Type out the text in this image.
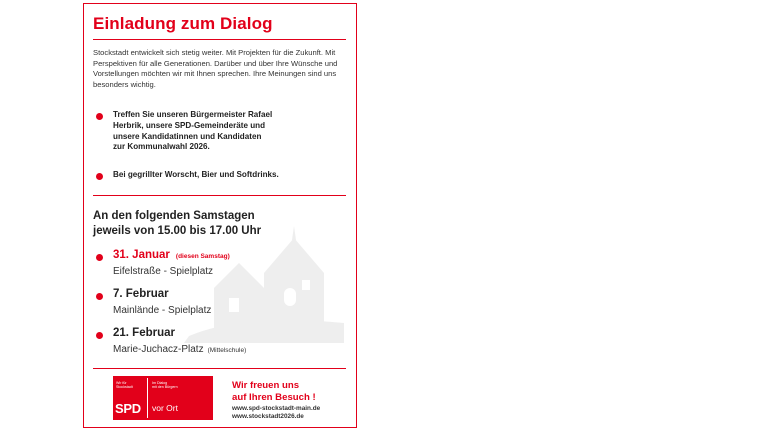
Einladung zum Dialog
Stockstadt entwickelt sich stetig weiter. Mit Projekten für die Zukunft. Mit Perspektiven für alle Generationen. Darüber und über Ihre Wünsche und Vorstellungen möchten wir mit Ihnen sprechen. Ihre Meinungen sind uns besonders wichtig.
Treffen Sie unseren Bürgermeister Rafael
Herbrik, unsere SPD-Gemeinderäte und
unsere Kandidatinnen und Kandidaten
zur Kommunalwahl 2026.
Bei gegrillter Worscht, Bier und Softdrinks.
An den folgenden Samstagen
jeweils von 15.00 bis 17.00 Uhr
31. Januar (diesen Samstag)
Eifelstraße - Spielplatz
7. Februar
Mainlände - Spielplatz
21. Februar
Marie-Juchacz-Platz (Mittelschule)
Wir für
Stockstadt
Im Dialog
mit den Bürgern
SPD vor Ort
Wir freuen uns
auf Ihren Besuch !
www.spd-stockstadt-main.de
www.stockstadt2026.de
